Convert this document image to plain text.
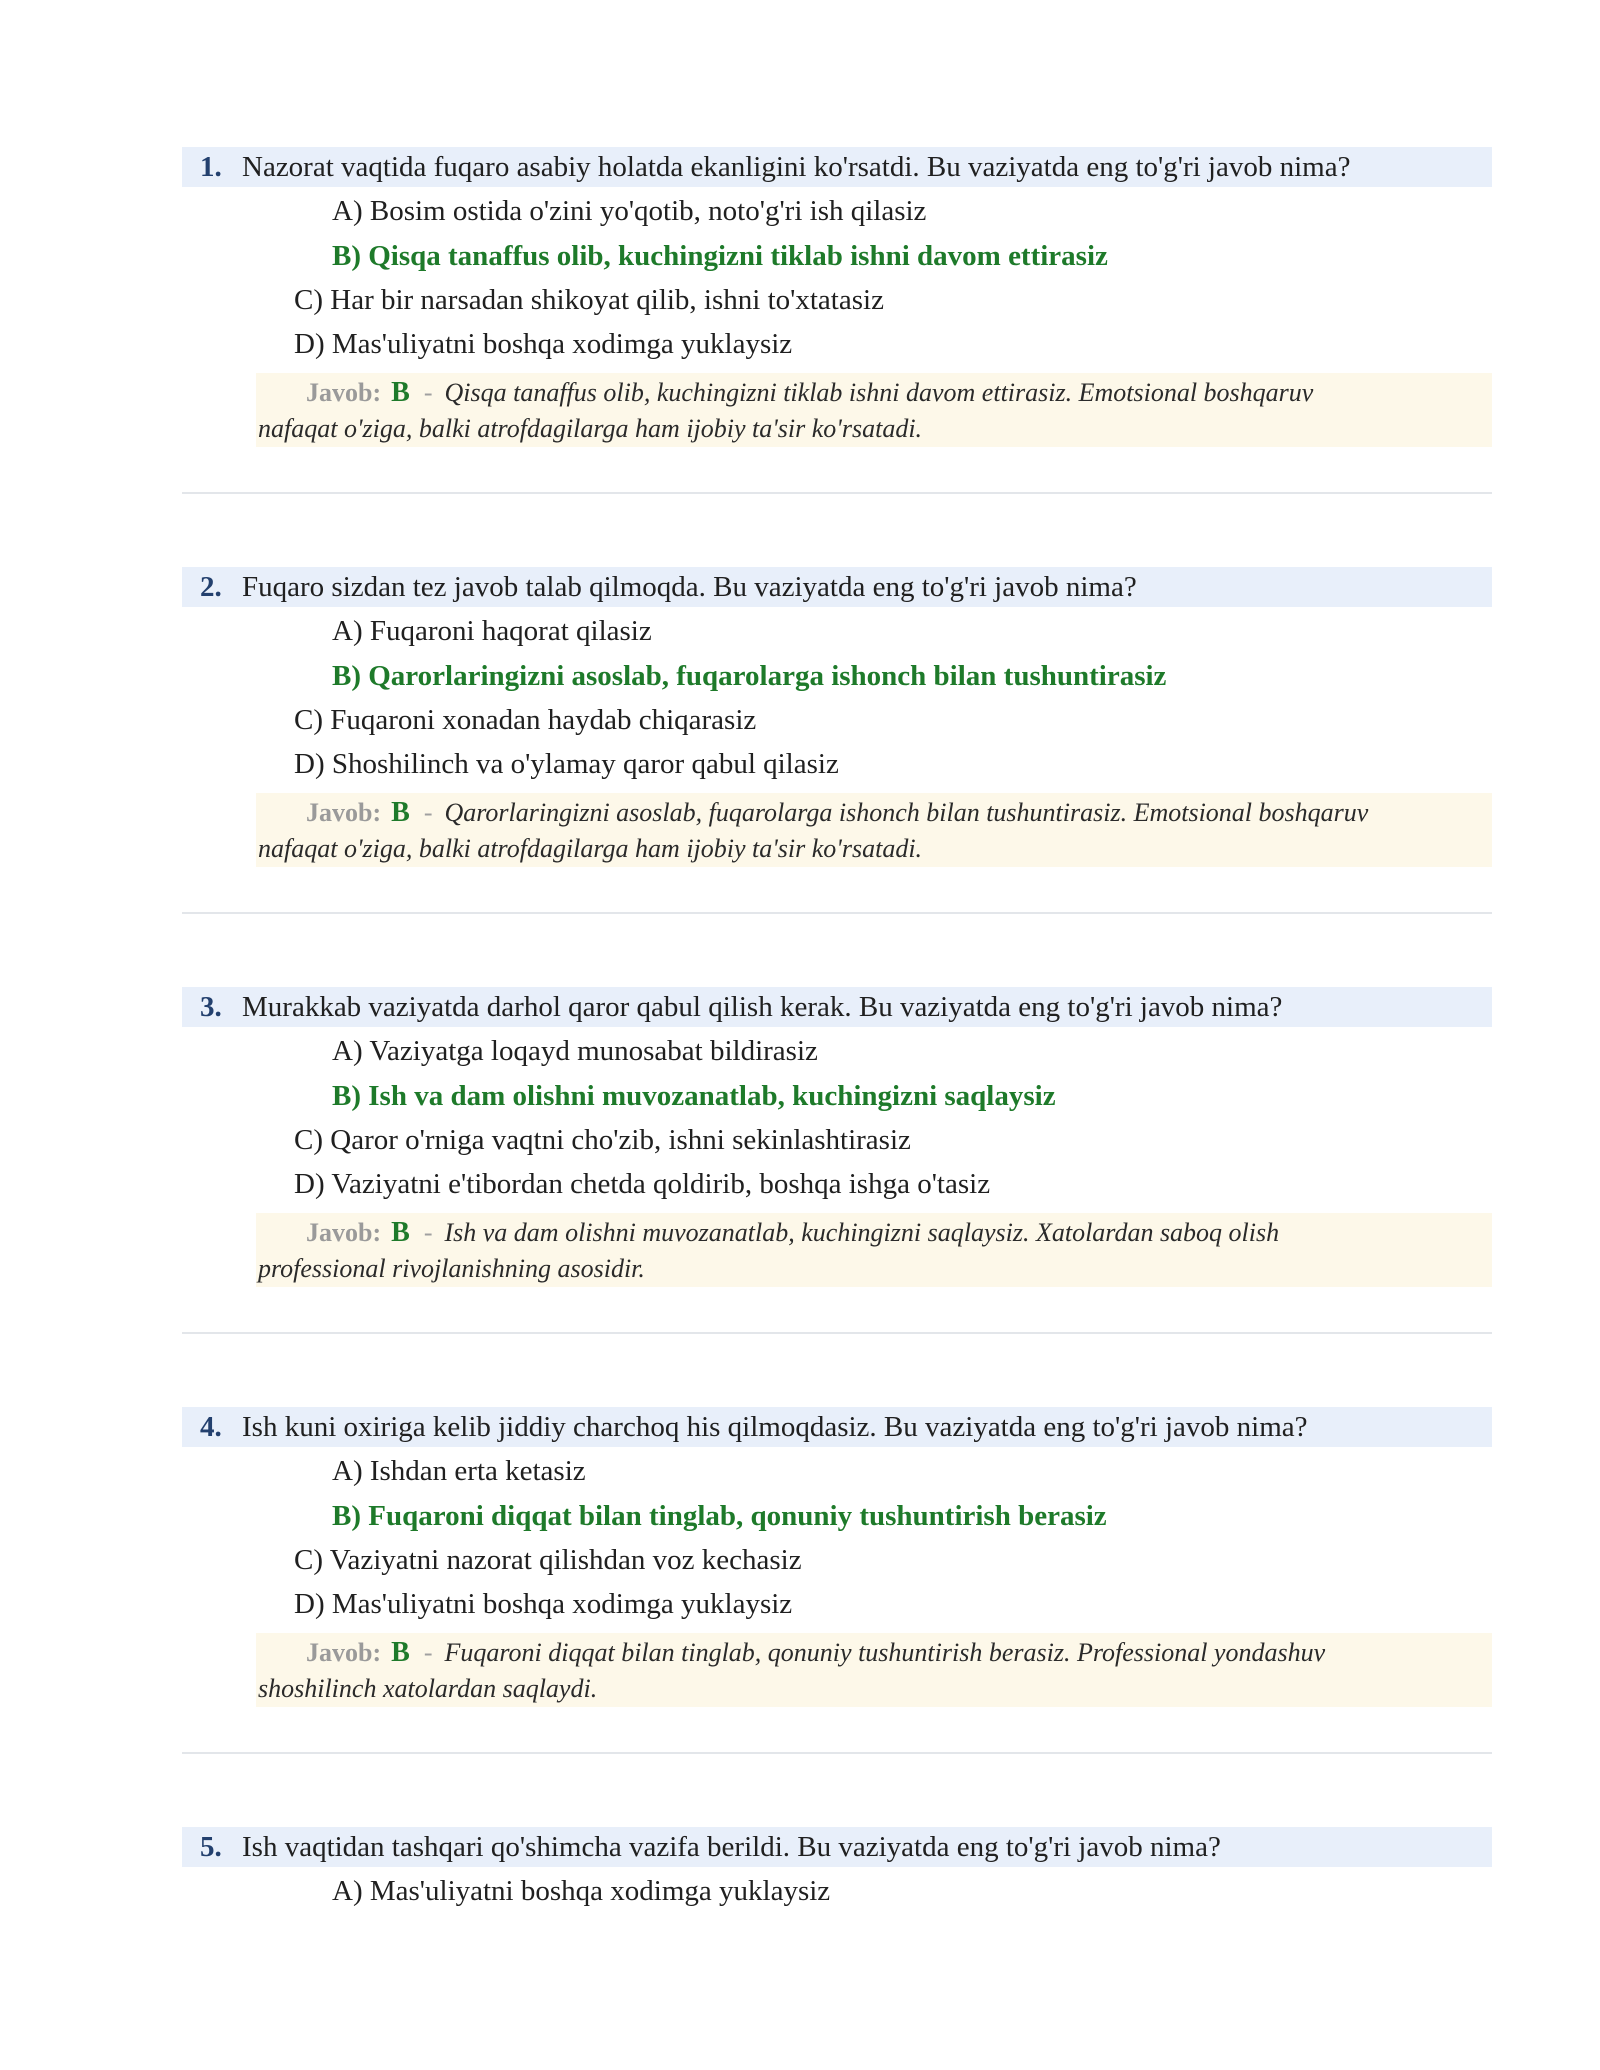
1. Nazorat vaqtida fuqaro asabiy holatda ekanligini ko'rsatdi. Bu vaziyatda eng to'g'ri javob nima?
A) Bosim ostida o'zini yo'qotib, noto'g'ri ish qilasiz
B) Qisqa tanaffus olib, kuchingizni tiklab ishni davom ettirasiz
C) Har bir narsadan shikoyat qilib, ishni to'xtatasiz
D) Mas'uliyatni boshqa xodimga yuklaysiz
Javob: B - Qisqa tanaffus olib, kuchingizni tiklab ishni davom ettirasiz. Emotsional boshqaruv
nafaqat o'ziga, balki atrofdagilarga ham ijobiy ta'sir ko'rsatadi.
2. Fuqaro sizdan tez javob talab qilmoqda. Bu vaziyatda eng to'g'ri javob nima?
A) Fuqaroni haqorat qilasiz
B) Qarorlaringizni asoslab, fuqarolarga ishonch bilan tushuntirasiz
C) Fuqaroni xonadan haydab chiqarasiz
D) Shoshilinch va o'ylamay qaror qabul qilasiz
Javob: B - Qarorlaringizni asoslab, fuqarolarga ishonch bilan tushuntirasiz. Emotsional boshqaruv
nafaqat o'ziga, balki atrofdagilarga ham ijobiy ta'sir ko'rsatadi.
3. Murakkab vaziyatda darhol qaror qabul qilish kerak. Bu vaziyatda eng to'g'ri javob nima?
A) Vaziyatga loqayd munosabat bildirasiz
B) Ish va dam olishni muvozanatlab, kuchingizni saqlaysiz
C) Qaror o'rniga vaqtni cho'zib, ishni sekinlashtirasiz
D) Vaziyatni e'tibordan chetda qoldirib, boshqa ishga o'tasiz
Javob: B - Ish va dam olishni muvozanatlab, kuchingizni saqlaysiz. Xatolardan saboq olish
professional rivojlanishning asosidir.
4. Ish kuni oxiriga kelib jiddiy charchoq his qilmoqdasiz. Bu vaziyatda eng to'g'ri javob nima?
A) Ishdan erta ketasiz
B) Fuqaroni diqqat bilan tinglab, qonuniy tushuntirish berasiz
C) Vaziyatni nazorat qilishdan voz kechasiz
D) Mas'uliyatni boshqa xodimga yuklaysiz
Javob: B - Fuqaroni diqqat bilan tinglab, qonuniy tushuntirish berasiz. Professional yondashuv
shoshilinch xatolardan saqlaydi.
5. Ish vaqtidan tashqari qo'shimcha vazifa berildi. Bu vaziyatda eng to'g'ri javob nima?
A) Mas'uliyatni boshqa xodimga yuklaysiz
